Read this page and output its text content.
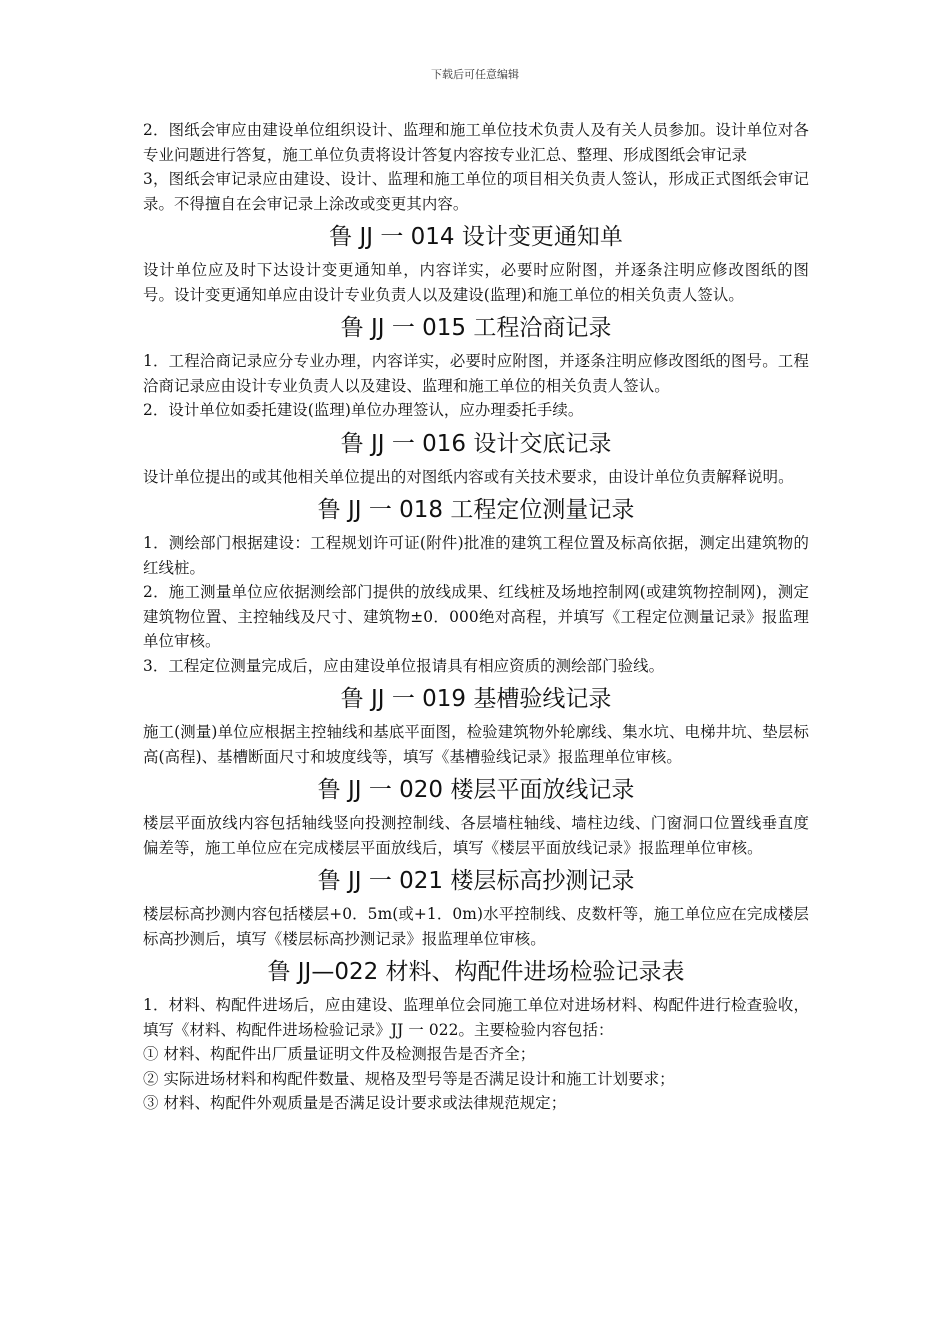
下载后可任意编辑

2．图纸会审应由建设单位组织设计、监理和施工单位技术负责人及有关人员参加。设计单位对各专业问题进行答复，施工单位负责将设计答复内容按专业汇总、整理、形成图纸会审记录

3，图纸会审记录应由建设、设计、监理和施工单位的项目相关负责人签认，形成正式图纸会审记录。不得擅自在会审记录上涂改或变更其内容。

鲁 JJ 一 014 设计变更通知单

设计单位应及时下达设计变更通知单，内容详实，必要时应附图，并逐条注明应修改图纸的图号。设计变更通知单应由设计专业负责人以及建设(监理)和施工单位的相关负责人签认。

鲁 JJ 一 015 工程洽商记录

1．工程洽商记录应分专业办理，内容详实，必要时应附图，并逐条注明应修改图纸的图号。工程洽商记录应由设计专业负责人以及建设、监理和施工单位的相关负责人签认。

2．设计单位如委托建设(监理)单位办理签认，应办理委托手续。

鲁 JJ 一 016 设计交底记录

设计单位提出的或其他相关单位提出的对图纸内容或有关技术要求，由设计单位负责解释说明。

鲁 JJ 一 018 工程定位测量记录

1．测绘部门根据建设：工程规划许可证(附件)批准的建筑工程位置及标高依据，测定出建筑物的红线桩。

2．施工测量单位应依据测绘部门提供的放线成果、红线桩及场地控制网(或建筑物控制网)，测定建筑物位置、主控轴线及尺寸、建筑物±0．000绝对高程，并填写《工程定位测量记录》报监理单位审核。

3．工程定位测量完成后，应由建设单位报请具有相应资质的测绘部门验线。

鲁 JJ 一 019 基槽验线记录

施工(测量)单位应根据主控轴线和基底平面图，检验建筑物外轮廓线、集水坑、电梯井坑、垫层标高(高程)、基槽断面尺寸和坡度线等，填写《基槽验线记录》报监理单位审核。

鲁 JJ 一 020 楼层平面放线记录

楼层平面放线内容包括轴线竖向投测控制线、各层墙柱轴线、墙柱边线、门窗洞口位置线垂直度偏差等，施工单位应在完成楼层平面放线后，填写《楼层平面放线记录》报监理单位审核。

鲁 JJ 一 021 楼层标高抄测记录

楼层标高抄测内容包括楼层+0．5m(或+1．0m)水平控制线、皮数杆等，施工单位应在完成楼层标高抄测后，填写《楼层标高抄测记录》报监理单位审核。

鲁 JJ—022 材料、构配件进场检验记录表

1．材料、构配件进场后，应由建设、监理单位会同施工单位对进场材料、构配件进行检查验收，填写《材料、构配件进场检验记录》JJ 一 022。主要检验内容包括：

① 材料、构配件出厂质量证明文件及检测报告是否齐全；

② 实际进场材料和构配件数量、规格及型号等是否满足设计和施工计划要求；

③ 材料、构配件外观质量是否满足设计要求或法律规范规定；
